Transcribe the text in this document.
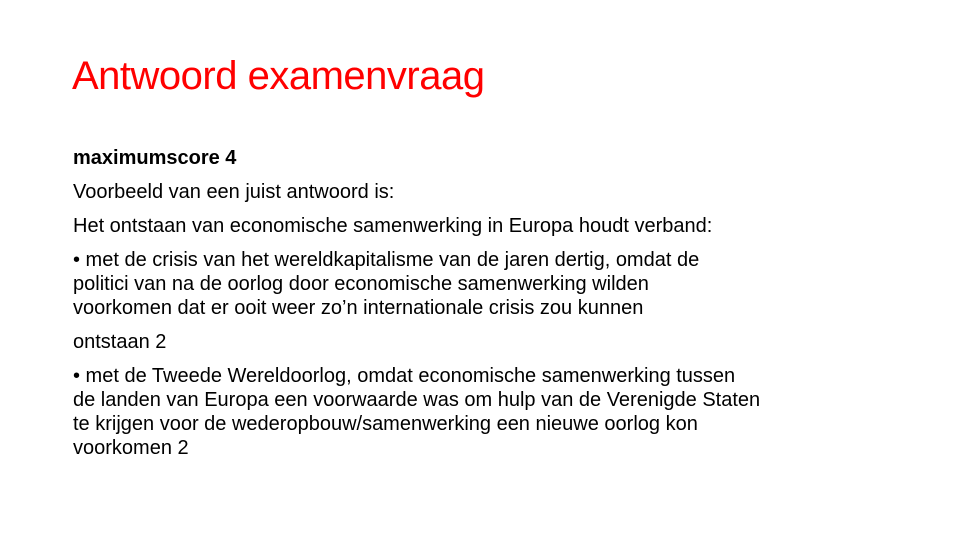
Antwoord examenvraag

maximumscore 4

Voorbeeld van een juist antwoord is:

Het ontstaan van economische samenwerking in Europa houdt verband:

• met de crisis van het wereldkapitalisme van de jaren dertig, omdat de

politici van na de oorlog door economische samenwerking wilden

voorkomen dat er ooit weer zo’n internationale crisis zou kunnen

ontstaan 2

• met de Tweede Wereldoorlog, omdat economische samenwerking tussen

de landen van Europa een voorwaarde was om hulp van de Verenigde Staten

te krijgen voor de wederopbouw/samenwerking een nieuwe oorlog kon

voorkomen 2
